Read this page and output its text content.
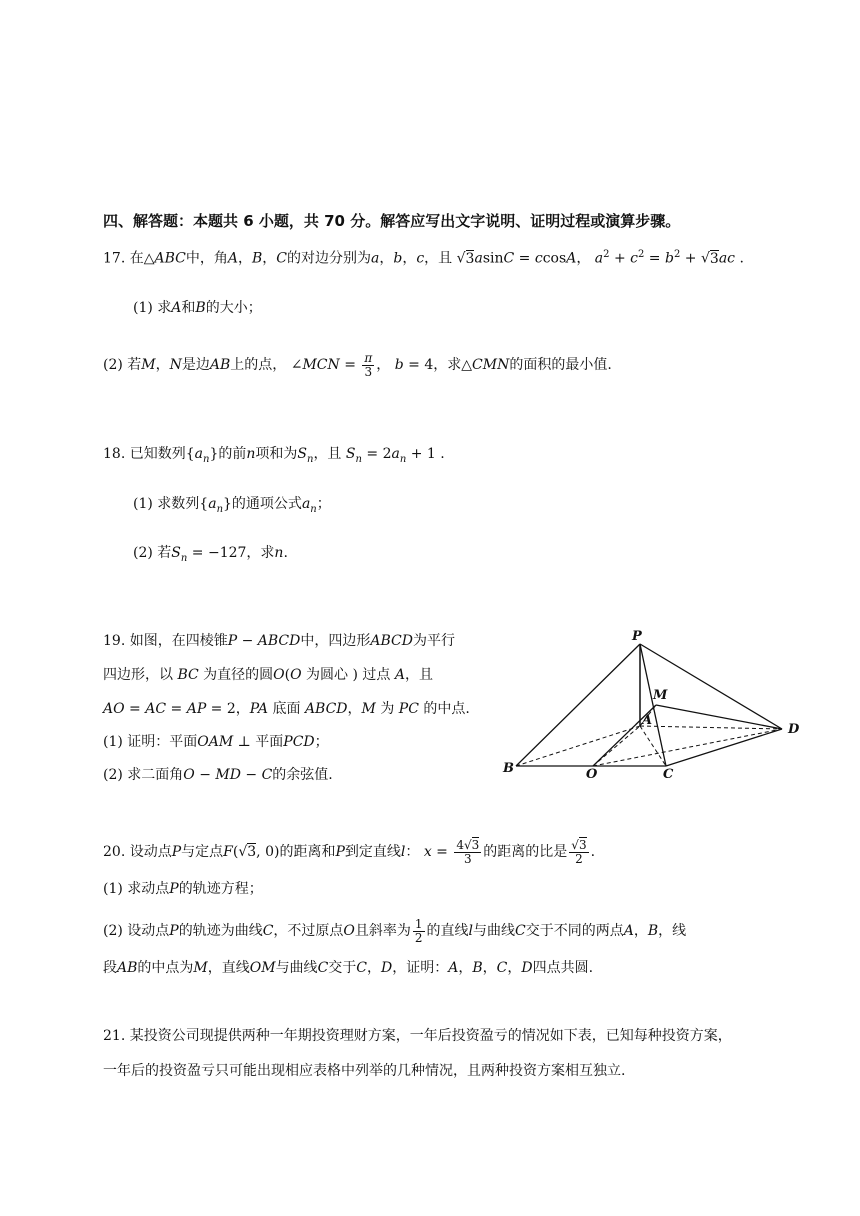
四、解答题：本题共 6 小题，共 70 分。解答应写出文字说明、证明过程或演算步骤。
17. 在△ABC中，角A，B，C的对边分别为a，b，c，且 √3asinC = ccosA， $a^2 + c^2 = b^2 + √3ac$ .
(1) 求A和B的大小；
(2) 若M，N是边AB上的点， ∠MCN = $\frac{\pi}{3}$ ， b = 4，求△CMN的面积的最小值.
18. 已知数列$\{a_n\}$的前n项和为$S_n$，且 $S_n = 2a_n + 1$ .
(1) 求数列$\{a_n\}$的通项公式$a_n$；
(2) 若$S_n = -127$，求n.
19. 如图，在四棱锥P − ABCD中，四边形ABCD为平行
四边形，以 BC 为直径的圆O(O 为圆心 ) 过点 A，且
AO = AC = AP = 2，PA 底面 ABCD，M 为 PC 的中点.
(1) 证明：平面OAM ⊥ 平面PCD；
(2) 求二面角O − MD − C的余弦值.
P
M
A
D
B	O	C
20. 设动点P与定点F(√3, 0)的距离和P到定直线l： $x = \frac{4√3}{3}$ 的距离的比是 $\frac{√3}{2}$ .
(1) 求动点P的轨迹方程；
(2) 设动点P的轨迹为曲线C，不过原点O且斜率为 $\frac{1}{2}$ 的直线l与曲线C交于不同的两点A，B，线
段AB的中点为M，直线OM与曲线C交于C，D，证明：A，B，C，D四点共圆.
21. 某投资公司现提供两种一年期投资理财方案，一年后投资盈亏的情况如下表，已知每种投资方案，
一年后的投资盈亏只可能出现相应表格中列举的几种情况，且两种投资方案相互独立.
